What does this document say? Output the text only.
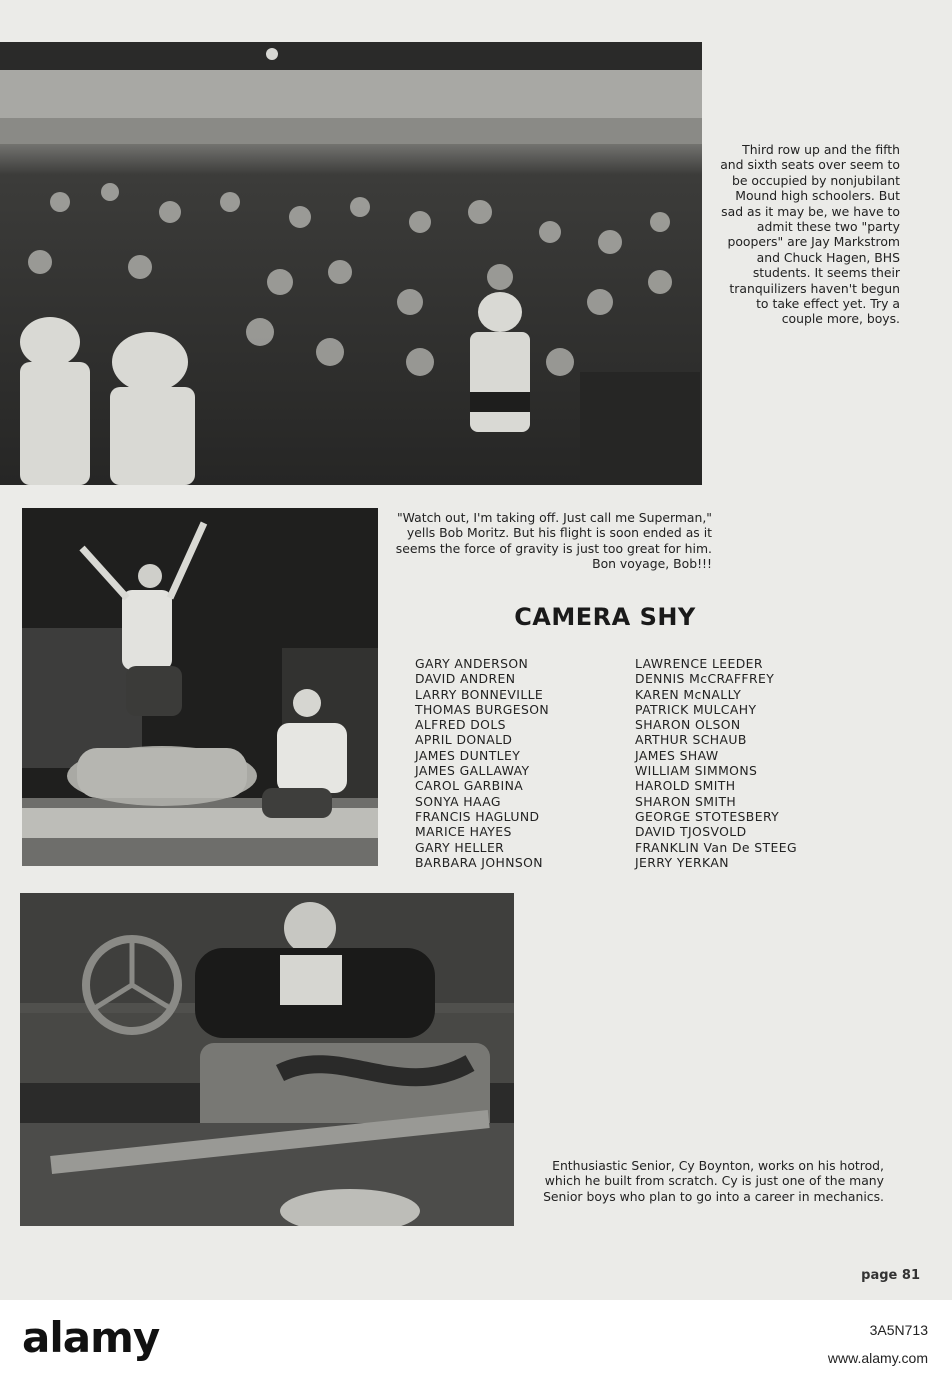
Third row up and the fifth and sixth seats over seem to be occupied by nonjubilant Mound high schoolers. But sad as it may be, we have to admit these two "party poopers" are Jay Markstrom and Chuck Hagen, BHS students. It seems their tranquilizers haven't begun to take effect yet. Try a couple more, boys.
"Watch out, I'm taking off. Just call me Superman," yells Bob Moritz. But his flight is soon ended as it seems the force of gravity is just too great for him. Bon voyage, Bob!!!
CAMERA SHY
GARY ANDERSON
DAVID ANDREN
LARRY BONNEVILLE
THOMAS BURGESON
ALFRED DOLS
APRIL DONALD
JAMES DUNTLEY
JAMES GALLAWAY
CAROL GARBINA
SONYA HAAG
FRANCIS HAGLUND
MARICE HAYES
GARY HELLER
BARBARA JOHNSON
LAWRENCE LEEDER
DENNIS McCRAFFREY
KAREN McNALLY
PATRICK MULCAHY
SHARON OLSON
ARTHUR SCHAUB
JAMES SHAW
WILLIAM SIMMONS
HAROLD SMITH
SHARON SMITH
GEORGE STOTESBERY
DAVID TJOSVOLD
FRANKLIN Van De STEEG
JERRY YERKAN
Enthusiastic Senior, Cy Boynton, works on his hotrod, which he built from scratch. Cy is just one of the many Senior boys who plan to go into a career in mechanics.
page 81
alamy	3A5N713
www.alamy.com
